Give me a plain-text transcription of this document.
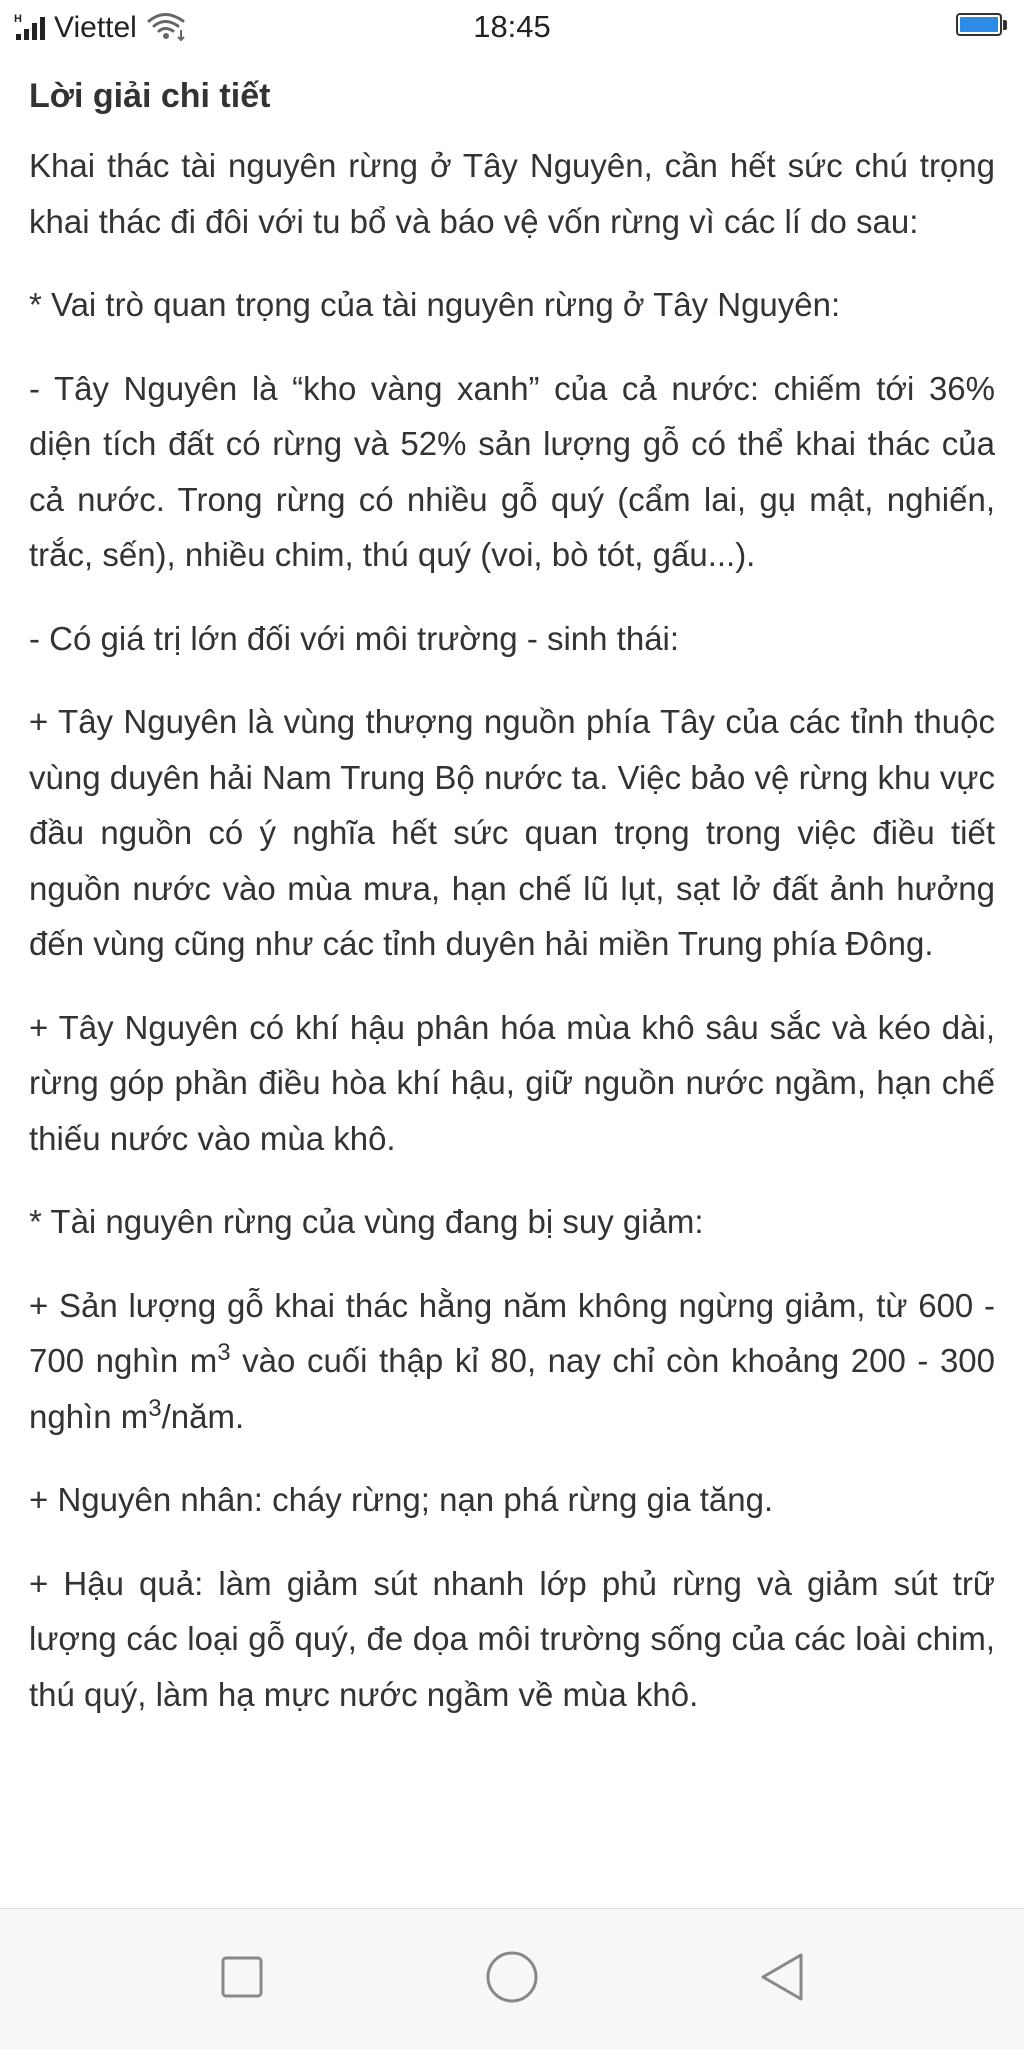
H Viettel	18:45
Lời giải chi tiết

Khai thác tài nguyên rừng ở Tây Nguyên, cần hết sức chú trọng khai thác đi đôi với tu bổ và báo vệ vốn rừng vì các lí do sau:

* Vai trò quan trọng của tài nguyên rừng ở Tây Nguyên:

- Tây Nguyên là “kho vàng xanh” của cả nước: chiếm tới 36% diện tích đất có rừng và 52% sản lượng gỗ có thể khai thác của cả nước. Trong rừng có nhiều gỗ quý (cẩm lai, gụ mật, nghiến, trắc, sến), nhiều chim, thú quý (voi, bò tót, gấu...).

- Có giá trị lớn đối với môi trường - sinh thái:

+ Tây Nguyên là vùng thượng nguồn phía Tây của các tỉnh thuộc vùng duyên hải Nam Trung Bộ nước ta. Việc bảo vệ rừng khu vực đầu nguồn có ý nghĩa hết sức quan trọng trong việc điều tiết nguồn nước vào mùa mưa, hạn chế lũ lụt, sạt lở đất ảnh hưởng đến vùng cũng như các tỉnh duyên hải miền Trung phía Đông.

+ Tây Nguyên có khí hậu phân hóa mùa khô sâu sắc và kéo dài, rừng góp phần điều hòa khí hậu, giữ nguồn nước ngầm, hạn chế thiếu nước vào mùa khô.

* Tài nguyên rừng của vùng đang bị suy giảm:

+ Sản lượng gỗ khai thác hằng năm không ngừng giảm, từ 600 - 700 nghìn $m^3$ vào cuối thập kỉ 80, nay chỉ còn khoảng 200 - 300 nghìn $m^3$/năm.

+ Nguyên nhân: cháy rừng; nạn phá rừng gia tăng.

+ Hậu quả: làm giảm sút nhanh lớp phủ rừng và giảm sút trữ lượng các loại gỗ quý, đe dọa môi trường sống của các loài chim, thú quý, làm hạ mực nước ngầm về mùa khô.
